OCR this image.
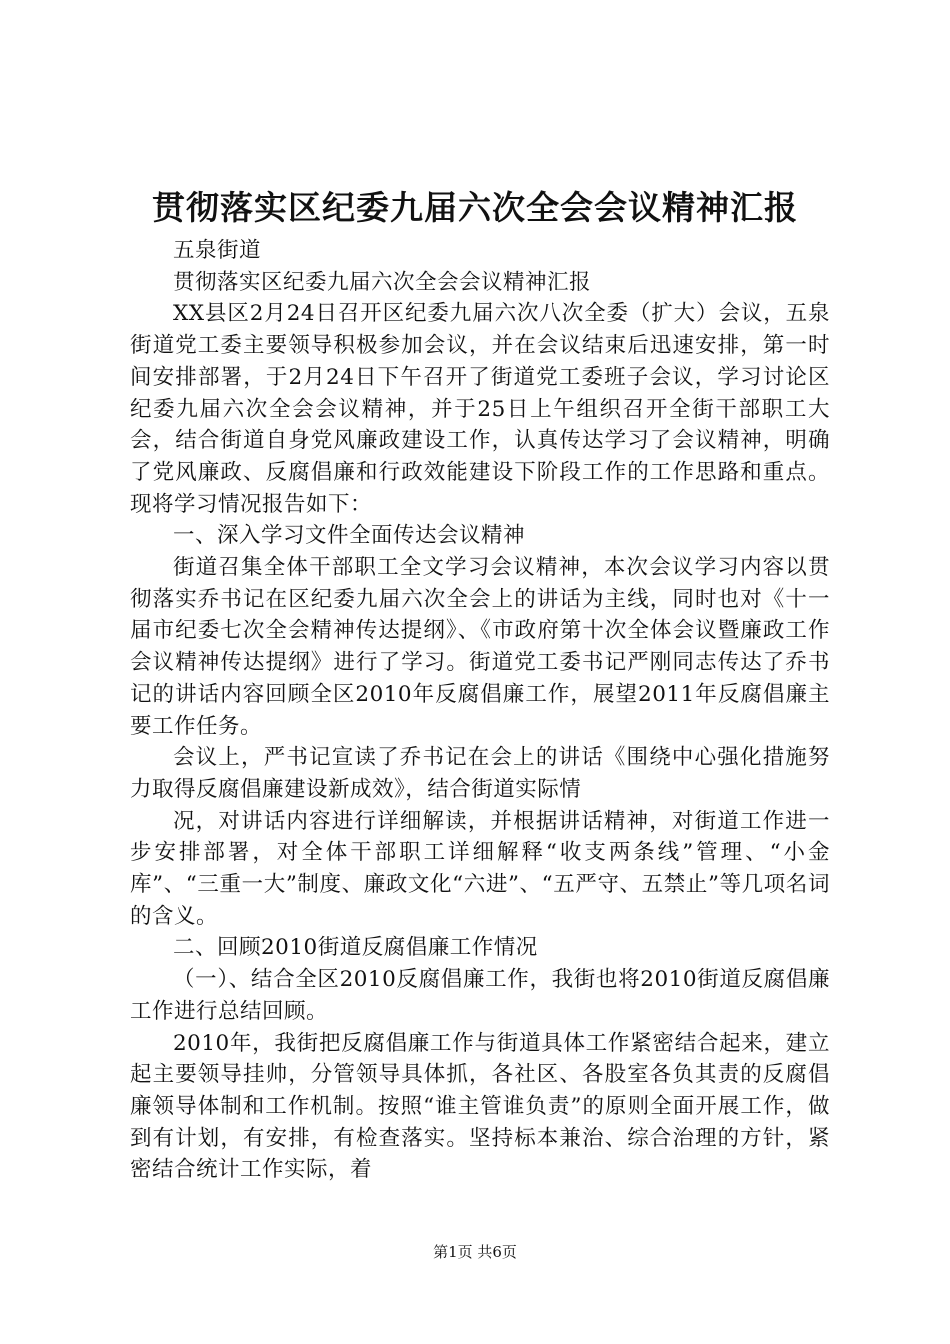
贯彻落实区纪委九届六次全会会议精神汇报

五泉街道

贯彻落实区纪委九届六次全会会议精神汇报

XX县区2月24日召开区纪委九届六次八次全委（扩大）会议，五泉街道党工委主要领导积极参加会议，并在会议结束后迅速安排，第一时间安排部署，于2月24日下午召开了街道党工委班子会议，学习讨论区纪委九届六次全会会议精神，并于25日上午组织召开全街干部职工大会，结合街道自身党风廉政建设工作，认真传达学习了会议精神，明确了党风廉政、反腐倡廉和行政效能建设下阶段工作的工作思路和重点。现将学习情况报告如下：

一、深入学习文件全面传达会议精神

街道召集全体干部职工全文学习会议精神，本次会议学习内容以贯彻落实乔书记在区纪委九届六次全会上的讲话为主线，同时也对《十一届市纪委七次全会精神传达提纲》、《市政府第十次全体会议暨廉政工作会议精神传达提纲》进行了学习。街道党工委书记严刚同志传达了乔书记的讲话内容回顾全区2010年反腐倡廉工作，展望2011年反腐倡廉主要工作任务。

会议上，严书记宣读了乔书记在会上的讲话《围绕中心强化措施努力取得反腐倡廉建设新成效》，结合街道实际情

况，对讲话内容进行详细解读，并根据讲话精神，对街道工作进一步安排部署，对全体干部职工详细解释“收支两条线”管理、“小金库”、“三重一大”制度、廉政文化“六进”、“五严守、五禁止”等几项名词的含义。

二、回顾2010街道反腐倡廉工作情况

（一）、结合全区2010反腐倡廉工作，我街也将2010街道反腐倡廉工作进行总结回顾。

2010年，我街把反腐倡廉工作与街道具体工作紧密结合起来，建立起主要领导挂帅，分管领导具体抓，各社区、各股室各负其责的反腐倡廉领导体制和工作机制。按照“谁主管谁负责”的原则全面开展工作，做到有计划，有安排，有检查落实。坚持标本兼治、综合治理的方针，紧密结合统计工作实际，着

第1页 共6页
